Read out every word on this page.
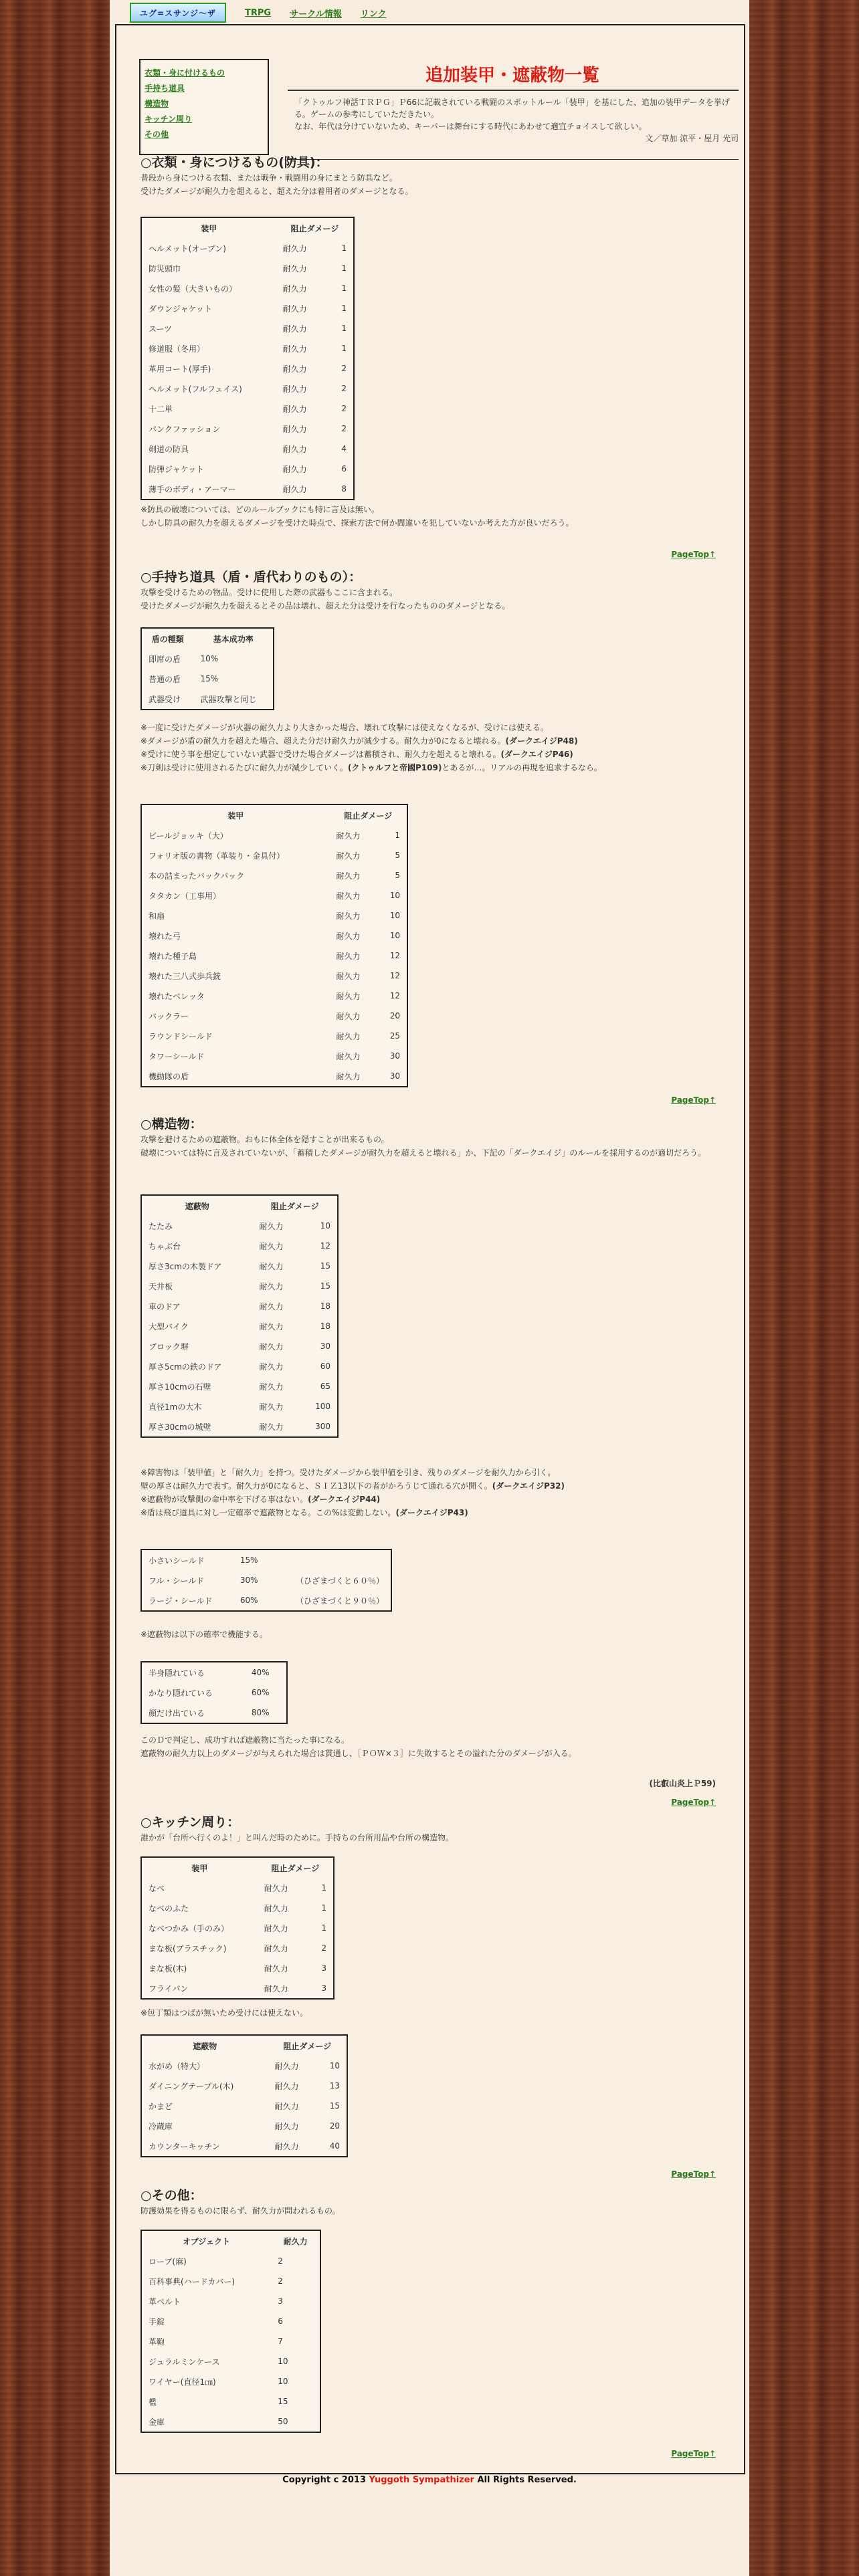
ユグ=スサンジ〜ザ	TRPG サークル情報 リンク
衣類・身に付けるもの
手持ち道具
構造物
キッチン周り
その他
追加装甲・遮蔽物一覧
「クトゥルフ神話ＴＲＰＧ」Ｐ66に記載されている戦闘のスポットルール「装甲」を基にした、追加の装甲データを挙げる。ゲームの参考にしていただきたい。
なお、年代は分けていないため、キーパーは舞台にする時代にあわせて適宜チョイスして欲しい。
文／草加 涼平・屋月 光司
○衣類・身につけるもの(防具)：
普段から身につける衣類、または戦争・戦闘用の身にまとう防具など。
受けたダメージが耐久力を超えると、超えた分は着用者のダメージとなる。
装甲	阻止ダメージ	
ヘルメット(オープン)	耐久力	1
防災頭巾	耐久力	1
女性の髪（大きいもの）	耐久力	1
ダウンジャケット	耐久力	1
スーツ	耐久力	1
修道服（冬用）	耐久力	1
革用コート(厚手)	耐久力	2
ヘルメット(フルフェイス)	耐久力	2
十二単	耐久力	2
パンクファッション	耐久力	2
剣道の防具	耐久力	4
防弾ジャケット	耐久力	6
薄手のボディ・アーマー	耐久力	8
※防具の破壊については、どのルールブックにも特に言及は無い。
しかし防具の耐久力を超えるダメージを受けた時点で、探索方法で何か間違いを犯していないか考えた方が良いだろう。
PageTop↑
○手持ち道具（盾・盾代わりのもの）：
攻撃を受けるための物品。受けに使用した際の武器もここに含まれる。
受けたダメージが耐久力を超えるとその品は壊れ、超えた分は受けを行なったもののダメージとなる。
盾の種類	基本成功率
即席の盾	10%
普通の盾	15%
武器受け	武器攻撃と同じ
※一度に受けたダメージが火器の耐久力より大きかった場合、壊れて攻撃には使えなくなるが、受けには使える。
※ダメージが盾の耐久力を超えた場合、超えた分だけ耐久力が減少する。耐久力が0になると壊れる。(ダークエイジP48)
※受けに使う事を想定していない武器で受けた場合ダメージは蓄積され、耐久力を超えると壊れる。(ダークエイジP46)
※刀剣は受けに使用されるたびに耐久力が減少していく。(クトゥルフと帝國P109)とあるが…。リアルの再現を追求するなら。
装甲	阻止ダメージ	
ビールジョッキ（大）	耐久力	1
フォリオ版の書物（革装り・金具付）	耐久力	5
本の詰まったバックパック	耐久力	5
タタカン（工事用）	耐久力	10
和扇	耐久力	10
壊れた弓	耐久力	10
壊れた種子島	耐久力	12
壊れた三八式歩兵銃	耐久力	12
壊れたベレッタ	耐久力	12
バックラー	耐久力	20
ラウンドシールド	耐久力	25
タワーシールド	耐久力	30
機動隊の盾	耐久力	30
PageTop↑
○構造物：
攻撃を避けるための遮蔽物。おもに体全体を隠すことが出来るもの。
破壊については特に言及されていないが、「蓄積したダメージが耐久力を超えると壊れる」か、下記の「ダークエイジ」のルールを採用するのが適切だろう。
遮蔽物	阻止ダメージ	
たたみ	耐久力	10
ちゃぶ台	耐久力	12
厚さ3cmの木製ドア	耐久力	15
天井板	耐久力	15
車のドア	耐久力	18
大型バイク	耐久力	18
ブロック塀	耐久力	30
厚さ5cmの鉄のドア	耐久力	60
厚さ10cmの石壁	耐久力	65
直径1mの大木	耐久力	100
厚さ30cmの城壁	耐久力	300
※障害物は「装甲値」と「耐久力」を持つ。受けたダメージから装甲値を引き、残りのダメージを耐久力から引く。
壁の厚さは耐久力で表す。耐久力が0になると、ＳＩＺ13以下の者がかろうじて通れる穴が開く。(ダークエイジP32)
※遮蔽物が攻撃側の命中率を下げる事はない。(ダークエイジP44)
※盾は飛び道具に対し一定確率で遮蔽物となる。この%は変動しない。(ダークエイジP43)
小さいシールド	15%	
フル・シールド	30%	（ひざまづくと６０％）
ラージ・シールド	60%	（ひざまづくと９０％）
※遮蔽物は以下の確率で機能する。
半身隠れている	40%
かなり隠れている	60%
顔だけ出ている	80%
このＤで判定し、成功すれば遮蔽物に当たった事になる。
遮蔽物の耐久力以上のダメージが与えられた場合は貫通し、［ＰＯＷ×３］に失敗するとその溢れた分のダメージが入る。
(比叡山炎上Ｐ59)
PageTop↑
○キッチン周り：
誰かが「台所へ行くのよ！」と叫んだ時のために。手持ちの台所用品や台所の構造物。
装甲	阻止ダメージ	
なべ	耐久力	1
なべのふた	耐久力	1
なべつかみ（手のみ）	耐久力	1
まな板(プラスチック)	耐久力	2
まな板(木)	耐久力	3
フライパン	耐久力	3
※包丁類はつばが無いため受けには使えない。
遮蔽物	阻止ダメージ	
水がめ（特大）	耐久力	10
ダイニングテーブル(木)	耐久力	13
かまど	耐久力	15
冷蔵庫	耐久力	20
カウンターキッチン	耐久力	40
PageTop↑
○その他：
防護効果を得るものに限らず、耐久力が問われるもの。
オブジェクト	耐久力
ロープ(麻)	2
百科事典(ハードカバー)	2
革ベルト	3
手錠	6
革鞄	7
ジュラルミンケース	10
ワイヤー(直径1㎝)	10
檻	15
金庫	50
PageTop↑
Copyright c 2013 Yuggoth Sympathizer All Rights Reserved.
